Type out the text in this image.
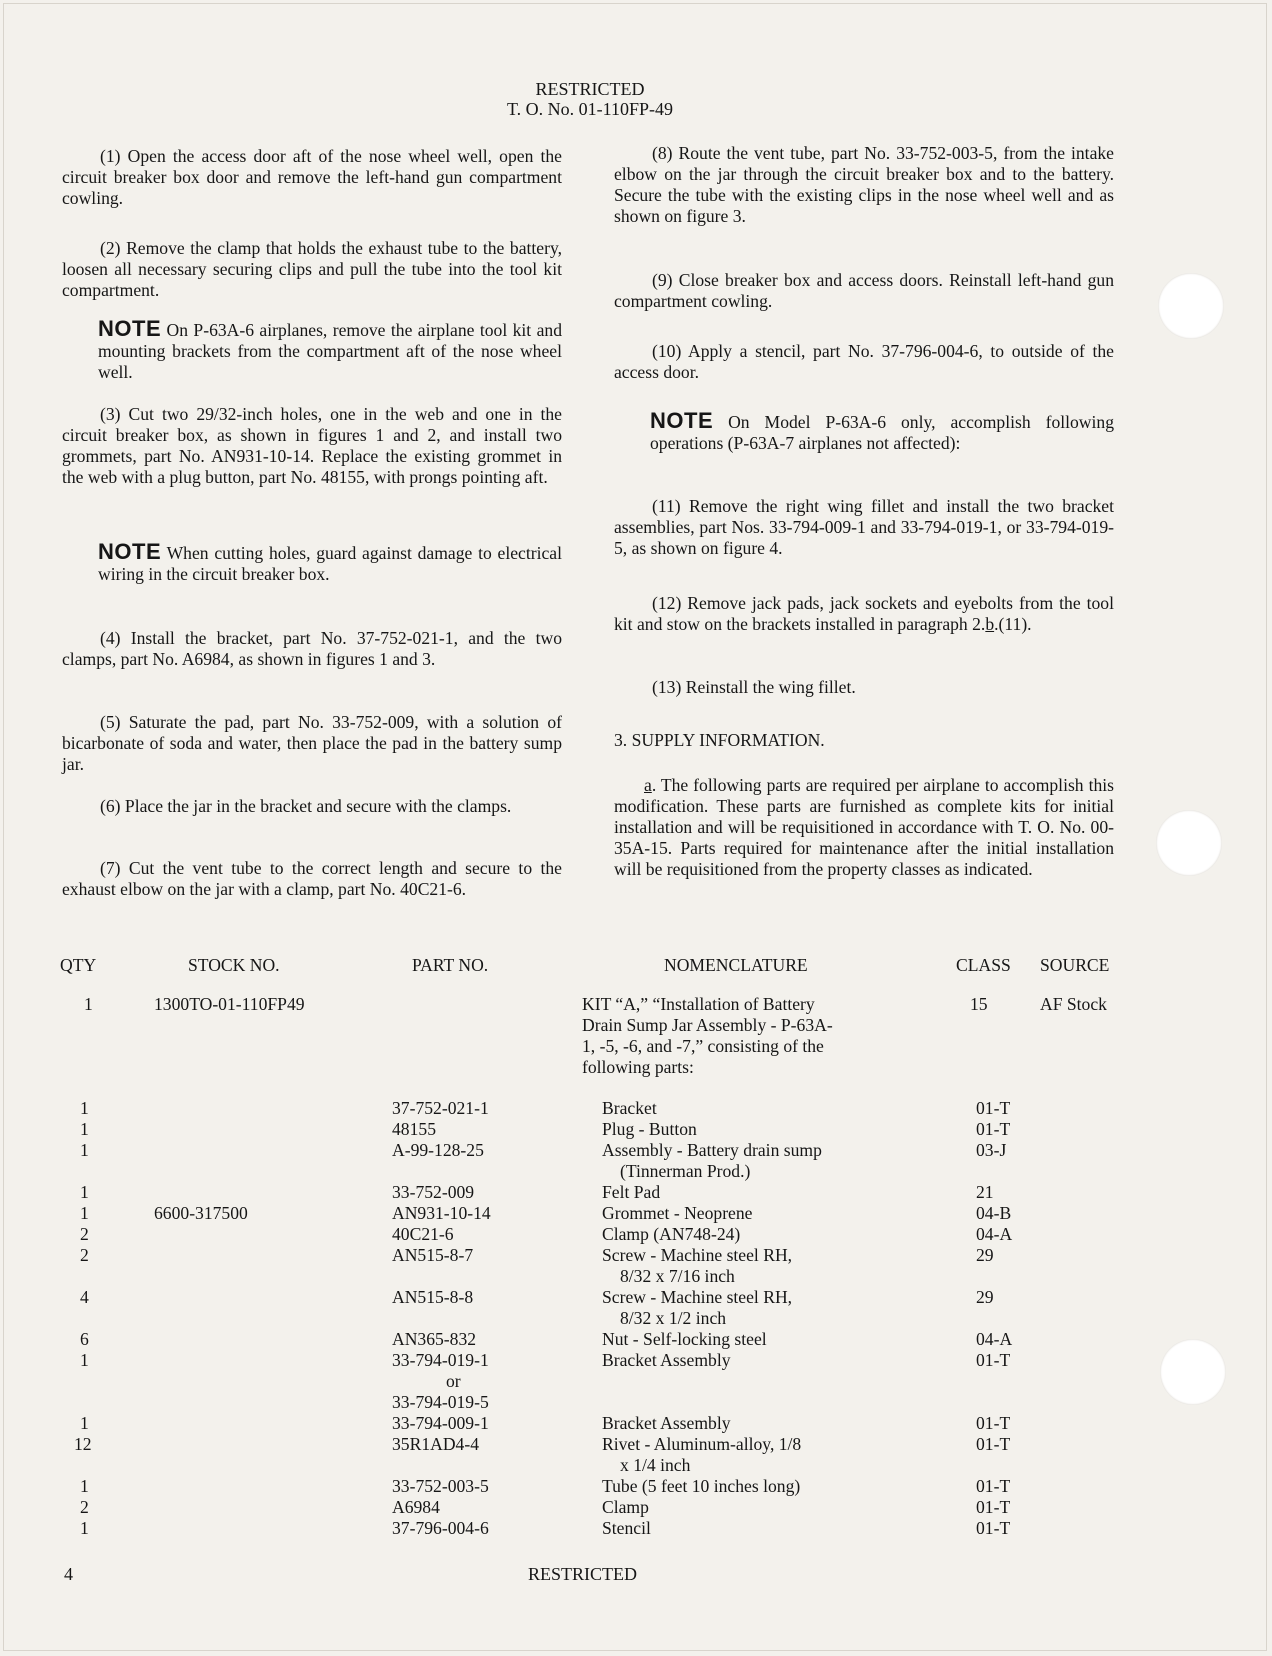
RESTRICTED
T. O. No. 01-110FP-49

(1) Open the access door aft of the nose wheel well, open the circuit breaker box door and remove the left-hand gun compartment cowling.

(2) Remove the clamp that holds the exhaust tube to the battery, loosen all necessary securing clips and pull the tube into the tool kit compartment.

NOTE On P-63A-6 airplanes, remove the airplane tool kit and mounting brackets from the compartment aft of the nose wheel well.

(3) Cut two 29/32-inch holes, one in the web and one in the circuit breaker box, as shown in figures 1 and 2, and install two grommets, part No. AN931-10-14. Replace the existing grommet in the web with a plug button, part No. 48155, with prongs pointing aft.

NOTE When cutting holes, guard against damage to electrical wiring in the circuit breaker box.

(4) Install the bracket, part No. 37-752-021-1, and the two clamps, part No. A6984, as shown in figures 1 and 3.

(5) Saturate the pad, part No. 33-752-009, with a solution of bicarbonate of soda and water, then place the pad in the battery sump jar.

(6) Place the jar in the bracket and secure with the clamps.

(7) Cut the vent tube to the correct length and secure to the exhaust elbow on the jar with a clamp, part No. 40C21-6.

(8) Route the vent tube, part No. 33-752-003-5, from the intake elbow on the jar through the circuit breaker box and to the battery. Secure the tube with the existing clips in the nose wheel well and as shown on figure 3.

(9) Close breaker box and access doors. Reinstall left-hand gun compartment cowling.

(10) Apply a stencil, part No. 37-796-004-6, to outside of the access door.

NOTE On Model P-63A-6 only, accomplish following operations (P-63A-7 airplanes not affected):

(11) Remove the right wing fillet and install the two bracket assemblies, part Nos. 33-794-009-1 and 33-794-019-1, or 33-794-019-5, as shown on figure 4.

(12) Remove jack pads, jack sockets and eyebolts from the tool kit and stow on the brackets installed in paragraph 2.b.(11).

(13) Reinstall the wing fillet.

3. SUPPLY INFORMATION.

a. The following parts are required per airplane to accomplish this modification. These parts are furnished as complete kits for initial installation and will be requisitioned in accordance with T. O. No. 00-35A-15. Parts required for maintenance after the initial installation will be requisitioned from the property classes as indicated.

QTY	STOCK NO.	PART NO.	NOMENCLATURE	CLASS	SOURCE
1	1300TO-01-110FP49		KIT “A,” “Installation of Battery
Drain Sump Jar Assembly - P-63A-
1, -5, -6, and -7,” consisting of the
following parts:	15	AF Stock
1		37-752-021-1	Bracket	01-T	
1		48155	Plug - Button	01-T	
1		A-99-128-25	Assembly - Battery drain sump
(Tinnerman Prod.)	03-J	
1		33-752-009	Felt Pad	21	
1	6600-317500	AN931-10-14	Grommet - Neoprene	04-B	
2		40C21-6	Clamp (AN748-24)	04-A	
2		AN515-8-7	Screw - Machine steel RH,
8/32 x 7/16 inch	29	
4		AN515-8-8	Screw - Machine steel RH,
8/32 x 1/2 inch	29	
6		AN365-832	Nut - Self-locking steel	04-A	
1		33-794-019-1
or
33-794-019-5	Bracket Assembly	01-T	
1		33-794-009-1	Bracket Assembly	01-T	
12		35R1AD4-4	Rivet - Aluminum-alloy, 1/8
x 1/4 inch	01-T	
1		33-752-003-5	Tube (5 feet 10 inches long)	01-T	
2		A6984	Clamp	01-T	
1		37-796-004-6	Stencil	01-T	
4	RESTRICTED
